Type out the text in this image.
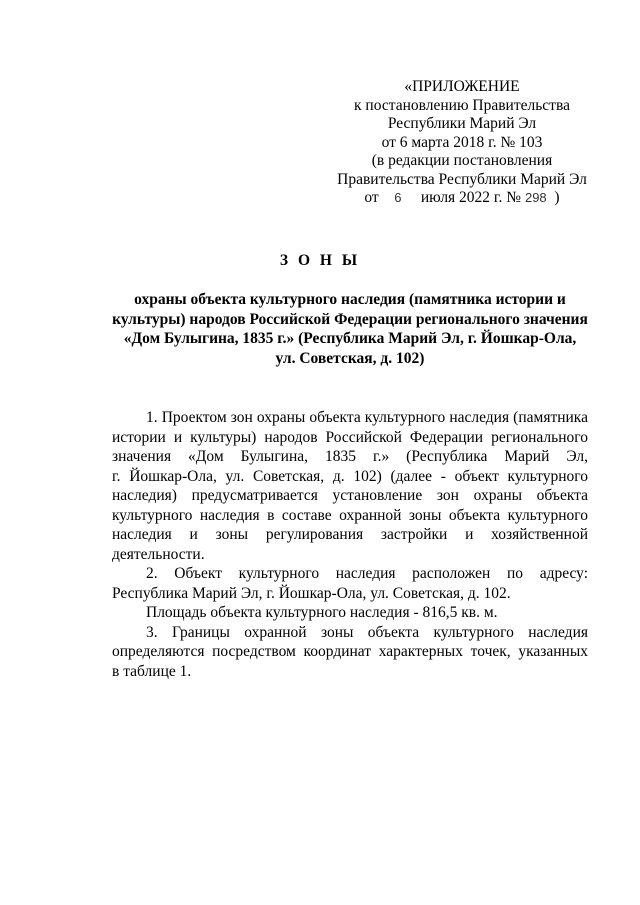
«ПРИЛОЖЕНИЕ
к постановлению Правительства
Республики Марий Эл
от 6 марта 2018 г. № 103
(в редакции постановления
Правительства Республики Марий Эл
от 6 июля 2022 г. № 298 )
З О Н Ы
охраны объекта культурного наследия (памятника истории и
культуры) народов Российской Федерации регионального значения
«Дом Булыгина, 1835 г.» (Республика Марий Эл, г. Йошкар-Ола,
ул. Советская, д. 102)
1. Проектом зон охраны объекта культурного наследия (памятника
истории и культуры) народов Российской Федерации регионального
значения «Дом Булыгина, 1835 г.» (Республика Марий Эл,
г. Йошкар-Ола, ул. Советская, д. 102) (далее - объект культурного
наследия) предусматривается установление зон охраны объекта
культурного наследия в составе охранной зоны объекта культурного
наследия и зоны регулирования застройки и хозяйственной
деятельности.
2. Объект культурного наследия расположен по адресу:
Республика Марий Эл, г. Йошкар-Ола, ул. Советская, д. 102.
Площадь объекта культурного наследия - 816,5 кв. м.
3. Границы охранной зоны объекта культурного наследия
определяются посредством координат характерных точек, указанных
в таблице 1.
